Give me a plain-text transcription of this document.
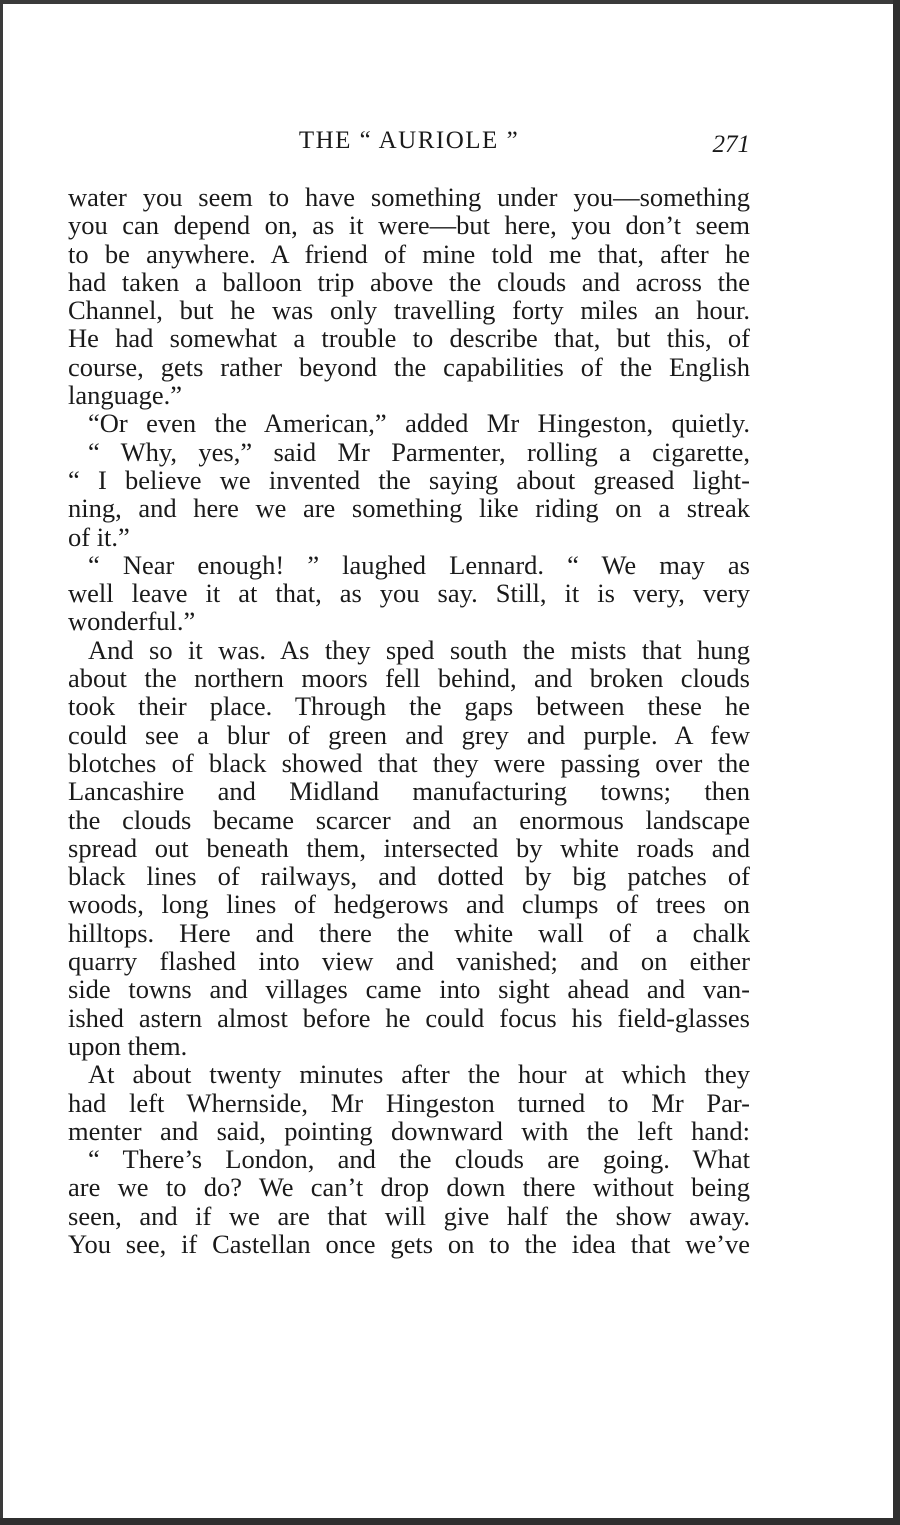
THE “ AURIOLE ”	271
water you seem to have something under you—something
you can depend on, as it were—but here, you don’t seem
to be anywhere. A friend of mine told me that, after he
had taken a balloon trip above the clouds and across the
Channel, but he was only travelling forty miles an hour.
He had somewhat a trouble to describe that, but this, of
course, gets rather beyond the capabilities of the English
language.”
“Or even the American,” added Mr Hingeston, quietly.
“ Why, yes,” said Mr Parmenter, rolling a cigarette,
“ I believe we invented the saying about greased light-
ning, and here we are something like riding on a streak
of it.”
“ Near enough! ” laughed Lennard. “ We may as
well leave it at that, as you say. Still, it is very, very
wonderful.”
And so it was. As they sped south the mists that hung
about the northern moors fell behind, and broken clouds
took their place. Through the gaps between these he
could see a blur of green and grey and purple. A few
blotches of black showed that they were passing over the
Lancashire and Midland manufacturing towns; then
the clouds became scarcer and an enormous landscape
spread out beneath them, intersected by white roads and
black lines of railways, and dotted by big patches of
woods, long lines of hedgerows and clumps of trees on
hilltops. Here and there the white wall of a chalk
quarry flashed into view and vanished; and on either
side towns and villages came into sight ahead and van-
ished astern almost before he could focus his field-glasses
upon them.
At about twenty minutes after the hour at which they
had left Whernside, Mr Hingeston turned to Mr Par-
menter and said, pointing downward with the left hand:
“ There’s London, and the clouds are going. What
are we to do? We can’t drop down there without being
seen, and if we are that will give half the show away.
You see, if Castellan once gets on to the idea that we’ve
